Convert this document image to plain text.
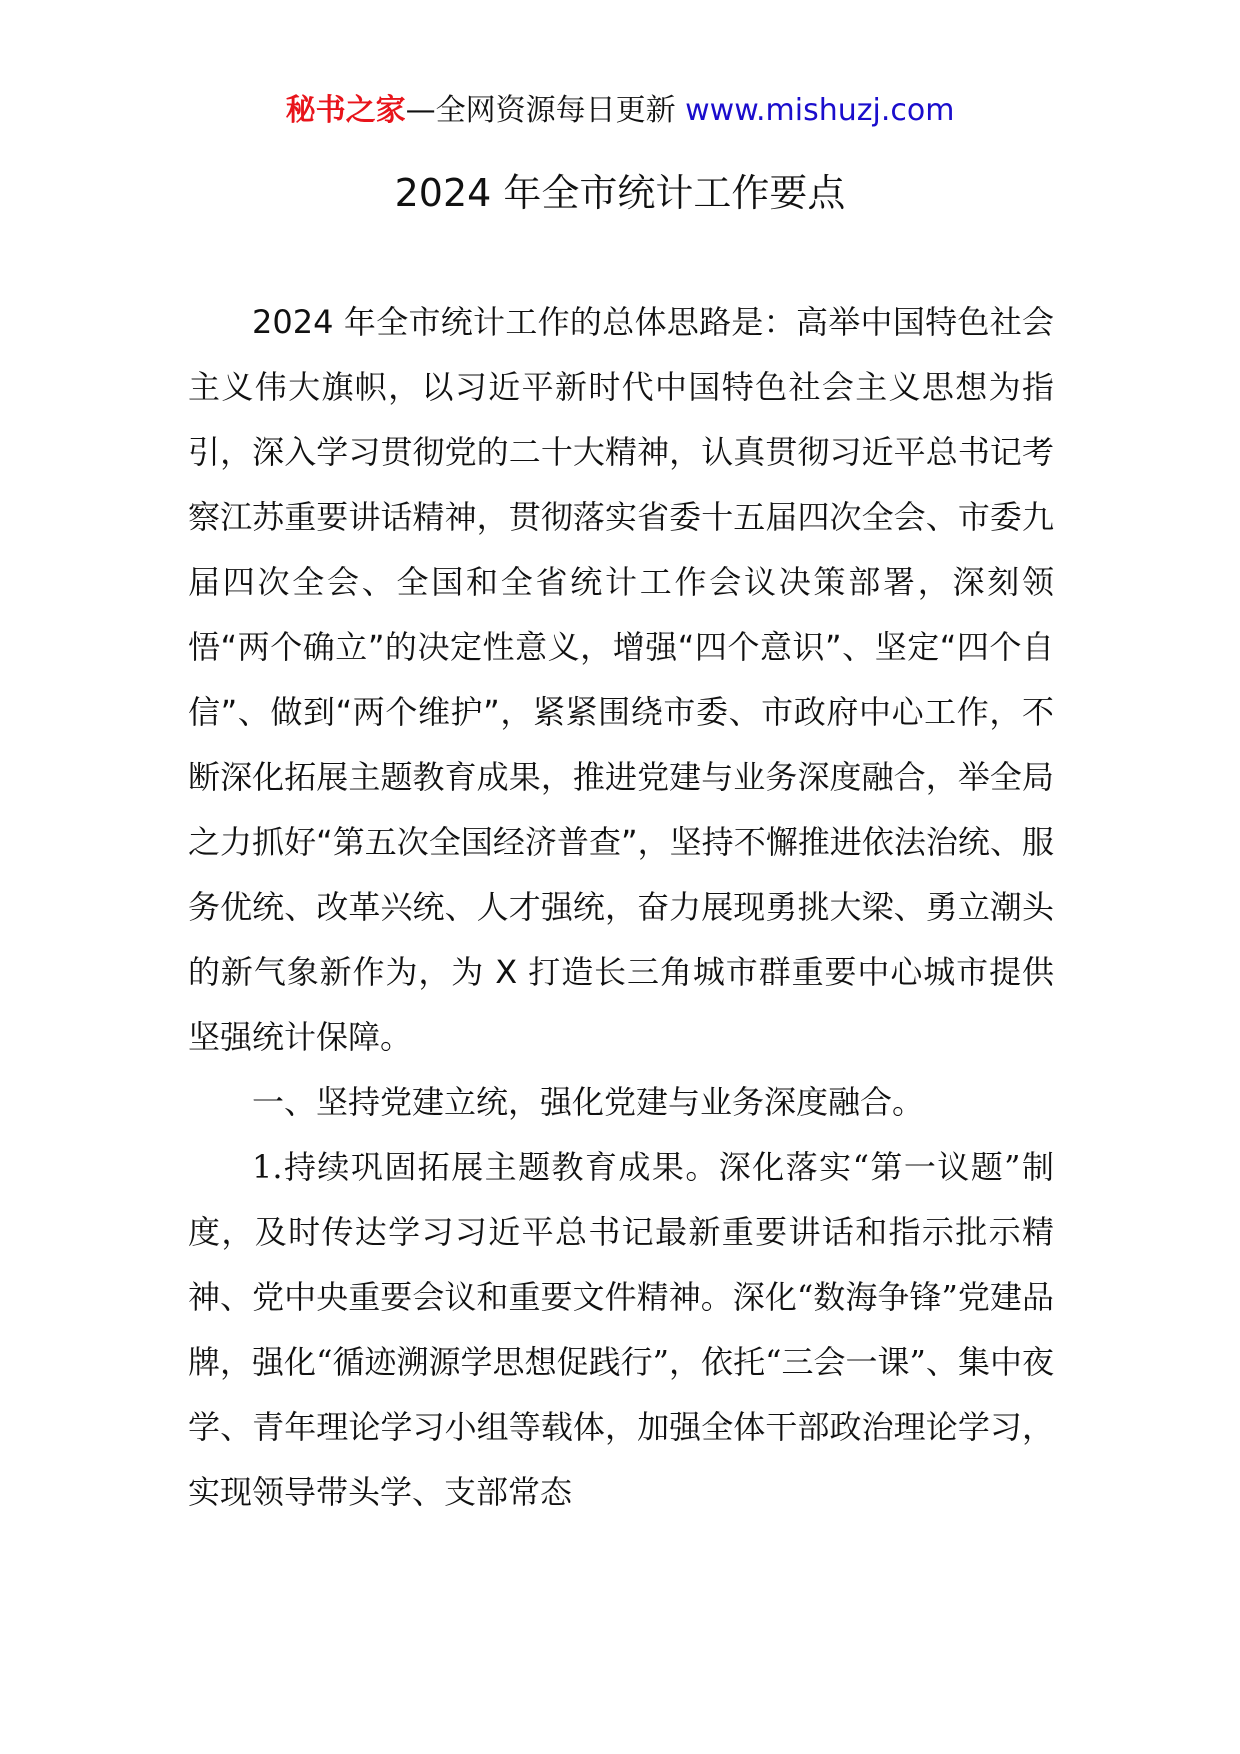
秘书之家—全网资源每日更新 www.mishuzj.com
2024 年全市统计工作要点

2024 年全市统计工作的总体思路是：高举中国特色社会主义伟大旗帜，以习近平新时代中国特色社会主义思想为指引，深入学习贯彻党的二十大精神，认真贯彻习近平总书记考察江苏重要讲话精神，贯彻落实省委十五届四次全会、市委九届四次全会、全国和全省统计工作会议决策部署，深刻领悟“两个确立”的决定性意义，增强“四个意识”、坚定“四个自信”、做到“两个维护”，紧紧围绕市委、市政府中心工作，不断深化拓展主题教育成果，推进党建与业务深度融合，举全局之力抓好“第五次全国经济普查”，坚持不懈推进依法治统、服务优统、改革兴统、人才强统，奋力展现勇挑大梁、勇立潮头的新气象新作为，为 X 打造长三角城市群重要中心城市提供坚强统计保障。

一、坚持党建立统，强化党建与业务深度融合。

1.持续巩固拓展主题教育成果。深化落实“第一议题”制度，及时传达学习习近平总书记最新重要讲话和指示批示精神、党中央重要会议和重要文件精神。深化“数海争锋”党建品牌，强化“循迹溯源学思想促践行”，依托“三会一课”、集中夜学、青年理论学习小组等载体，加强全体干部政治理论学习，实现领导带头学、支部常态
